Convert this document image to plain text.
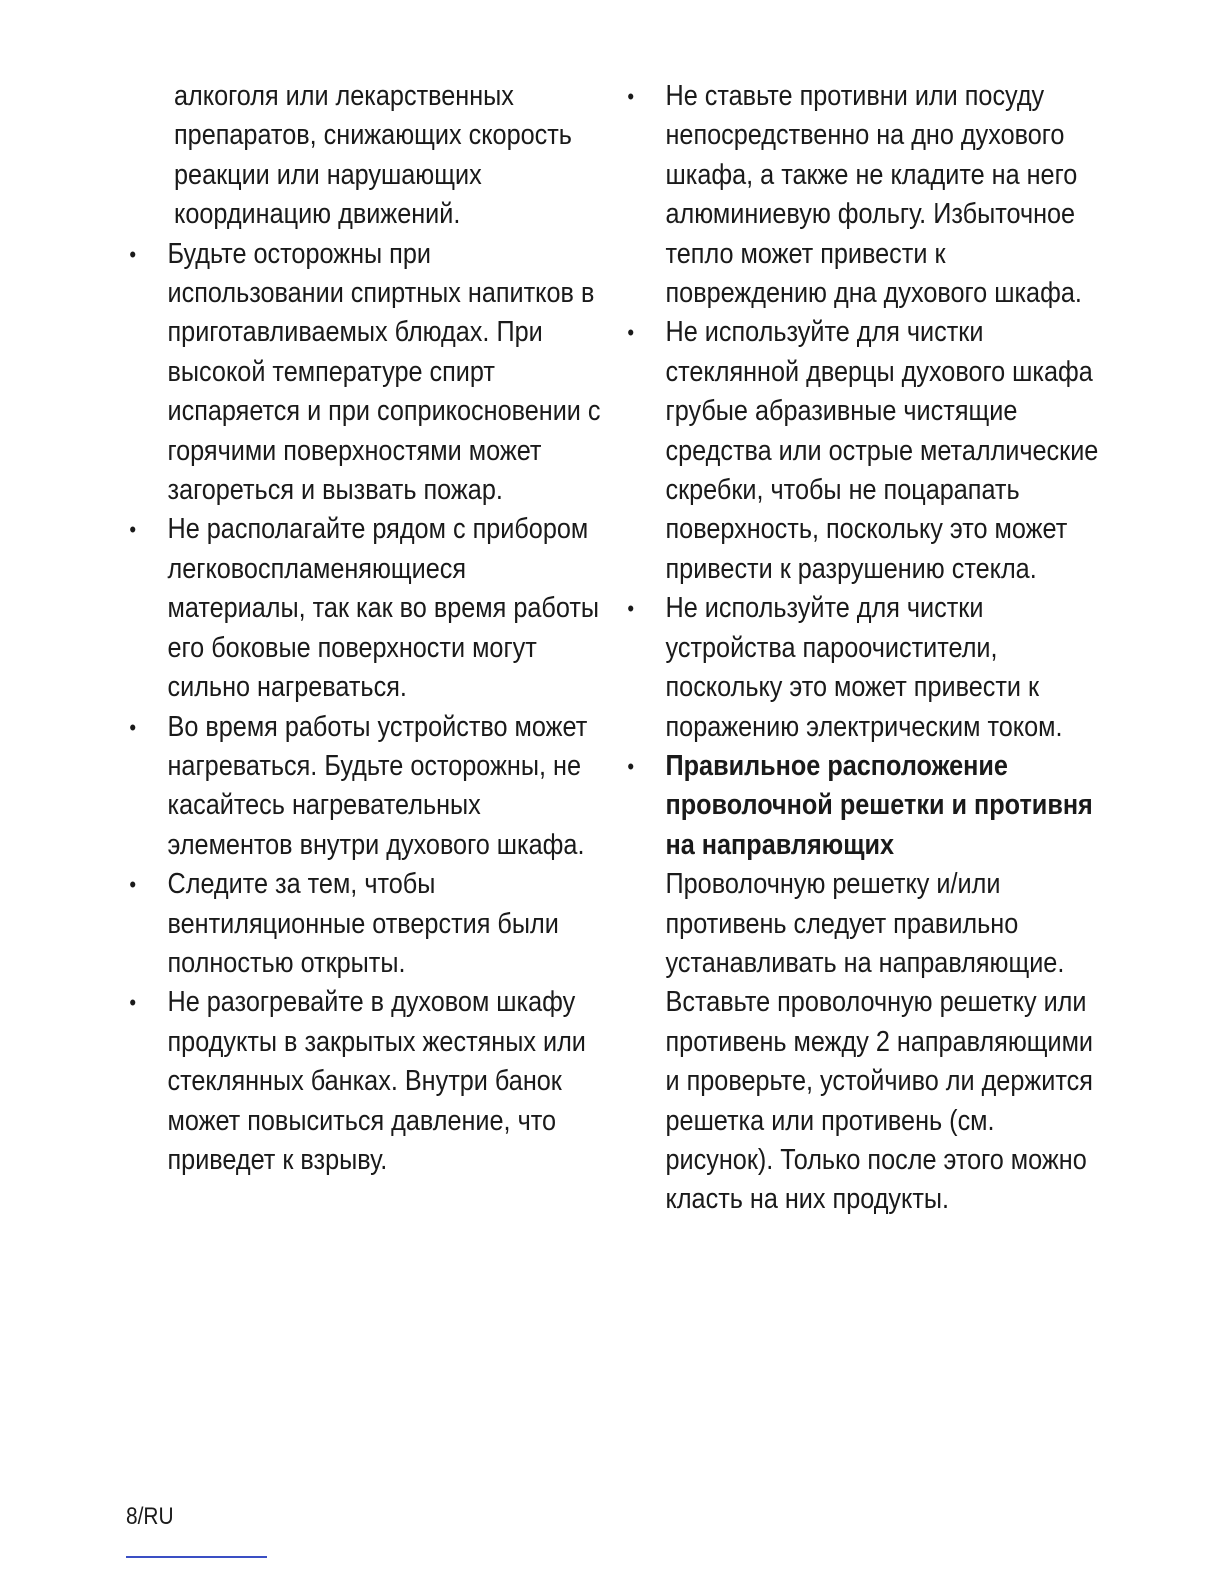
алкоголя или лекарственных препаратов, снижающих скорость реакции или нарушающих координацию движений.
• Будьте осторожны при использовании спиртных напитков в приготавливаемых блюдах. При высокой температуре спирт испаряется и при соприкосновении с горячими поверхностями может загореться и вызвать пожар.
• Не располагайте рядом с прибором легковоспламеняющиеся материалы, так как во время работы его боковые поверхности могут сильно нагреваться.
• Во время работы устройство может нагреваться. Будьте осторожны, не касайтесь нагревательных элементов внутри духового шкафа.
• Следите за тем, чтобы вентиляционные отверстия были полностью открыты.
• Не разогревайте в духовом шкафу продукты в закрытых жестяных или стеклянных банках. Внутри банок может повыситься давление, что приведет к взрыву.
• Не ставьте противни или посуду непосредственно на дно духового шкафа, а также не кладите на него алюминиевую фольгу. Избыточное тепло может привести к повреждению дна духового шкафа.
• Не используйте для чистки стеклянной дверцы духового шкафа грубые абразивные чистящие средства или острые металлические скребки, чтобы не поцарапать поверхность, поскольку это может привести к разрушению стекла.
• Не используйте для чистки устройства пароочистители, поскольку это может привести к поражению электрическим током.
• Правильное расположение проволочной решетки и противня на направляющих
Проволочную решетку и/или противень следует правильно устанавливать на направляющие. Вставьте проволочную решетку или противень между 2 направляющими и проверьте, устойчиво ли держится решетка или противень (см. рисунок). Только после этого можно класть на них продукты.
8/RU
